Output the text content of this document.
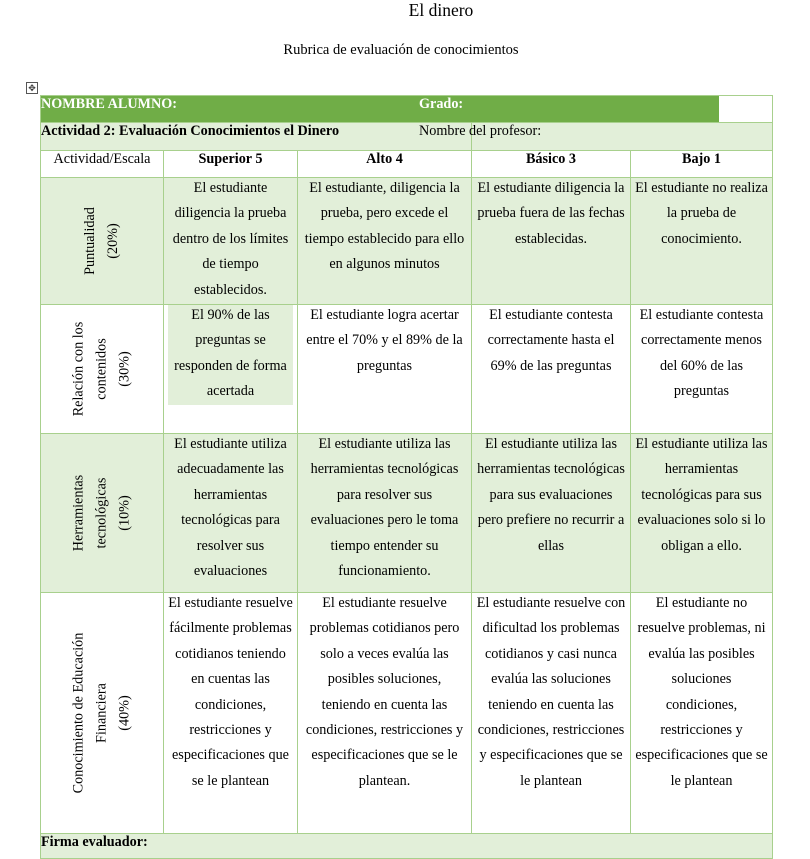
El dinero
Rubrica de evaluación de conocimientos
✥
NOMBRE ALUMNO:	Grado:
Actividad 2: Evaluación Conocimientos el Dinero	Nombre del profesor:
Actividad/Escala	Superior 5	Alto 4	Básico 3	Bajo 1

Puntualidad (20%)	El estudiante diligencia la prueba dentro de los límites de tiempo establecidos.	El estudiante, diligencia la prueba, pero excede el tiempo establecido para ello en algunos minutos	El estudiante diligencia la prueba fuera de las fechas establecidas.	El estudiante no realiza la prueba de conocimiento.

Relación con los contenidos (30%)	El 90% de las preguntas se responden de forma acertada	El estudiante logra acertar entre el 70% y el 89% de la preguntas	El estudiante contesta correctamente hasta el 69% de las preguntas	El estudiante contesta correctamente menos del 60% de las preguntas

Herramientas tecnológicas (10%)	El estudiante utiliza adecuadamente las herramientas tecnológicas para resolver sus evaluaciones	El estudiante utiliza las herramientas tecnológicas para resolver sus evaluaciones pero le toma tiempo entender su funcionamiento.	El estudiante utiliza las herramientas tecnológicas para sus evaluaciones pero prefiere no recurrir a ellas	El estudiante utiliza las herramientas tecnológicas para sus evaluaciones solo si lo obligan a ello.

Conocimiento de Educación Financiera (40%)	El estudiante resuelve fácilmente problemas cotidianos teniendo en cuentas las condiciones, restricciones y especificaciones que se le plantean	El estudiante resuelve problemas cotidianos pero solo a veces evalúa las posibles soluciones, teniendo en cuenta las condiciones, restricciones y especificaciones que se le plantean.	El estudiante resuelve con dificultad los problemas cotidianos y casi nunca evalúa las soluciones teniendo en cuenta las condiciones, restricciones y especificaciones que se le plantean	El estudiante no resuelve problemas, ni evalúa las posibles soluciones condiciones, restricciones y especificaciones que se le plantean

Firma evaluador:
